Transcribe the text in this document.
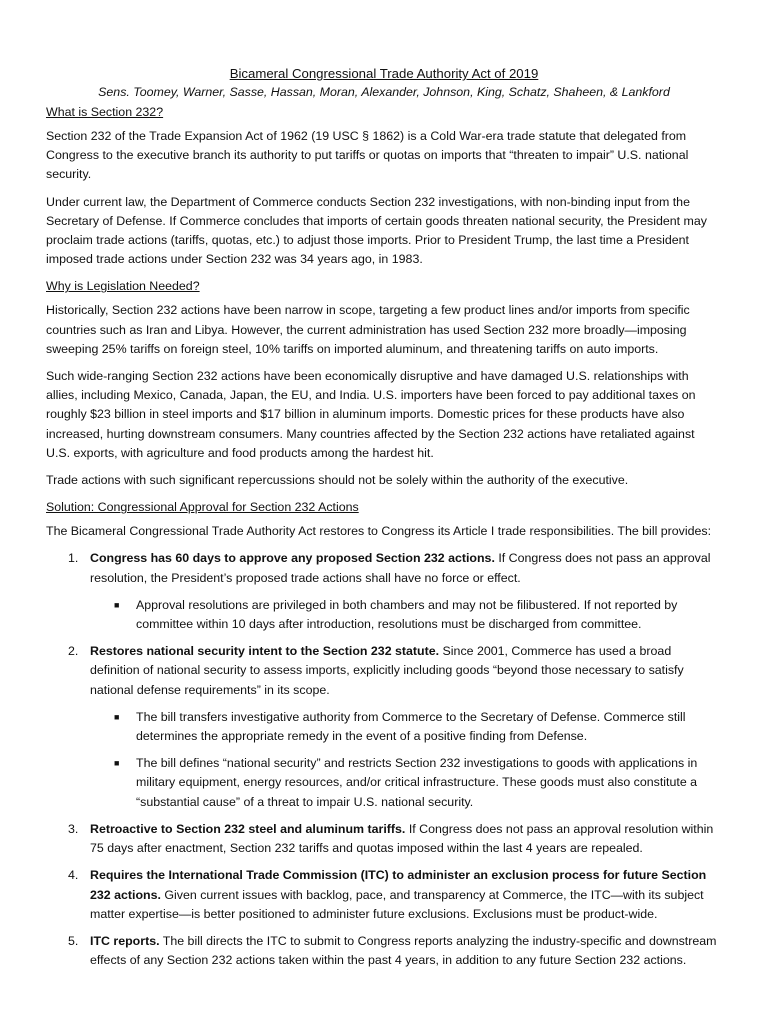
Bicameral Congressional Trade Authority Act of 2019
Sens. Toomey, Warner, Sasse, Hassan, Moran, Alexander, Johnson, King, Schatz, Shaheen, & Lankford
What is Section 232?

Section 232 of the Trade Expansion Act of 1962 (19 USC § 1862) is a Cold War-era trade statute that delegated from Congress to the executive branch its authority to put tariffs or quotas on imports that “threaten to impair” U.S. national security.

Under current law, the Department of Commerce conducts Section 232 investigations, with non-binding input from the Secretary of Defense. If Commerce concludes that imports of certain goods threaten national security, the President may proclaim trade actions (tariffs, quotas, etc.) to adjust those imports. Prior to President Trump, the last time a President imposed trade actions under Section 232 was 34 years ago, in 1983.

Why is Legislation Needed?

Historically, Section 232 actions have been narrow in scope, targeting a few product lines and/or imports from specific countries such as Iran and Libya. However, the current administration has used Section 232 more broadly—imposing sweeping 25% tariffs on foreign steel, 10% tariffs on imported aluminum, and threatening tariffs on auto imports.

Such wide-ranging Section 232 actions have been economically disruptive and have damaged U.S. relationships with allies, including Mexico, Canada, Japan, the EU, and India. U.S. importers have been forced to pay additional taxes on roughly $23 billion in steel imports and $17 billion in aluminum imports. Domestic prices for these products have also increased, hurting downstream consumers. Many countries affected by the Section 232 actions have retaliated against U.S. exports, with agriculture and food products among the hardest hit.

Trade actions with such significant repercussions should not be solely within the authority of the executive.

Solution: Congressional Approval for Section 232 Actions

The Bicameral Congressional Trade Authority Act restores to Congress its Article I trade responsibilities. The bill provides:

1. Congress has 60 days to approve any proposed Section 232 actions. If Congress does not pass an approval resolution, the President’s proposed trade actions shall have no force or effect.
■ Approval resolutions are privileged in both chambers and may not be filibustered. If not reported by committee within 10 days after introduction, resolutions must be discharged from committee.
2. Restores national security intent to the Section 232 statute. Since 2001, Commerce has used a broad definition of national security to assess imports, explicitly including goods “beyond those necessary to satisfy national defense requirements” in its scope.
■ The bill transfers investigative authority from Commerce to the Secretary of Defense. Commerce still determines the appropriate remedy in the event of a positive finding from Defense.
■ The bill defines “national security” and restricts Section 232 investigations to goods with applications in military equipment, energy resources, and/or critical infrastructure. These goods must also constitute a “substantial cause” of a threat to impair U.S. national security.
3. Retroactive to Section 232 steel and aluminum tariffs. If Congress does not pass an approval resolution within 75 days after enactment, Section 232 tariffs and quotas imposed within the last 4 years are repealed.
4. Requires the International Trade Commission (ITC) to administer an exclusion process for future Section 232 actions. Given current issues with backlog, pace, and transparency at Commerce, the ITC—with its subject matter expertise—is better positioned to administer future exclusions. Exclusions must be product-wide.
5. ITC reports. The bill directs the ITC to submit to Congress reports analyzing the industry-specific and downstream effects of any Section 232 actions taken within the past 4 years, in addition to any future Section 232 actions.
